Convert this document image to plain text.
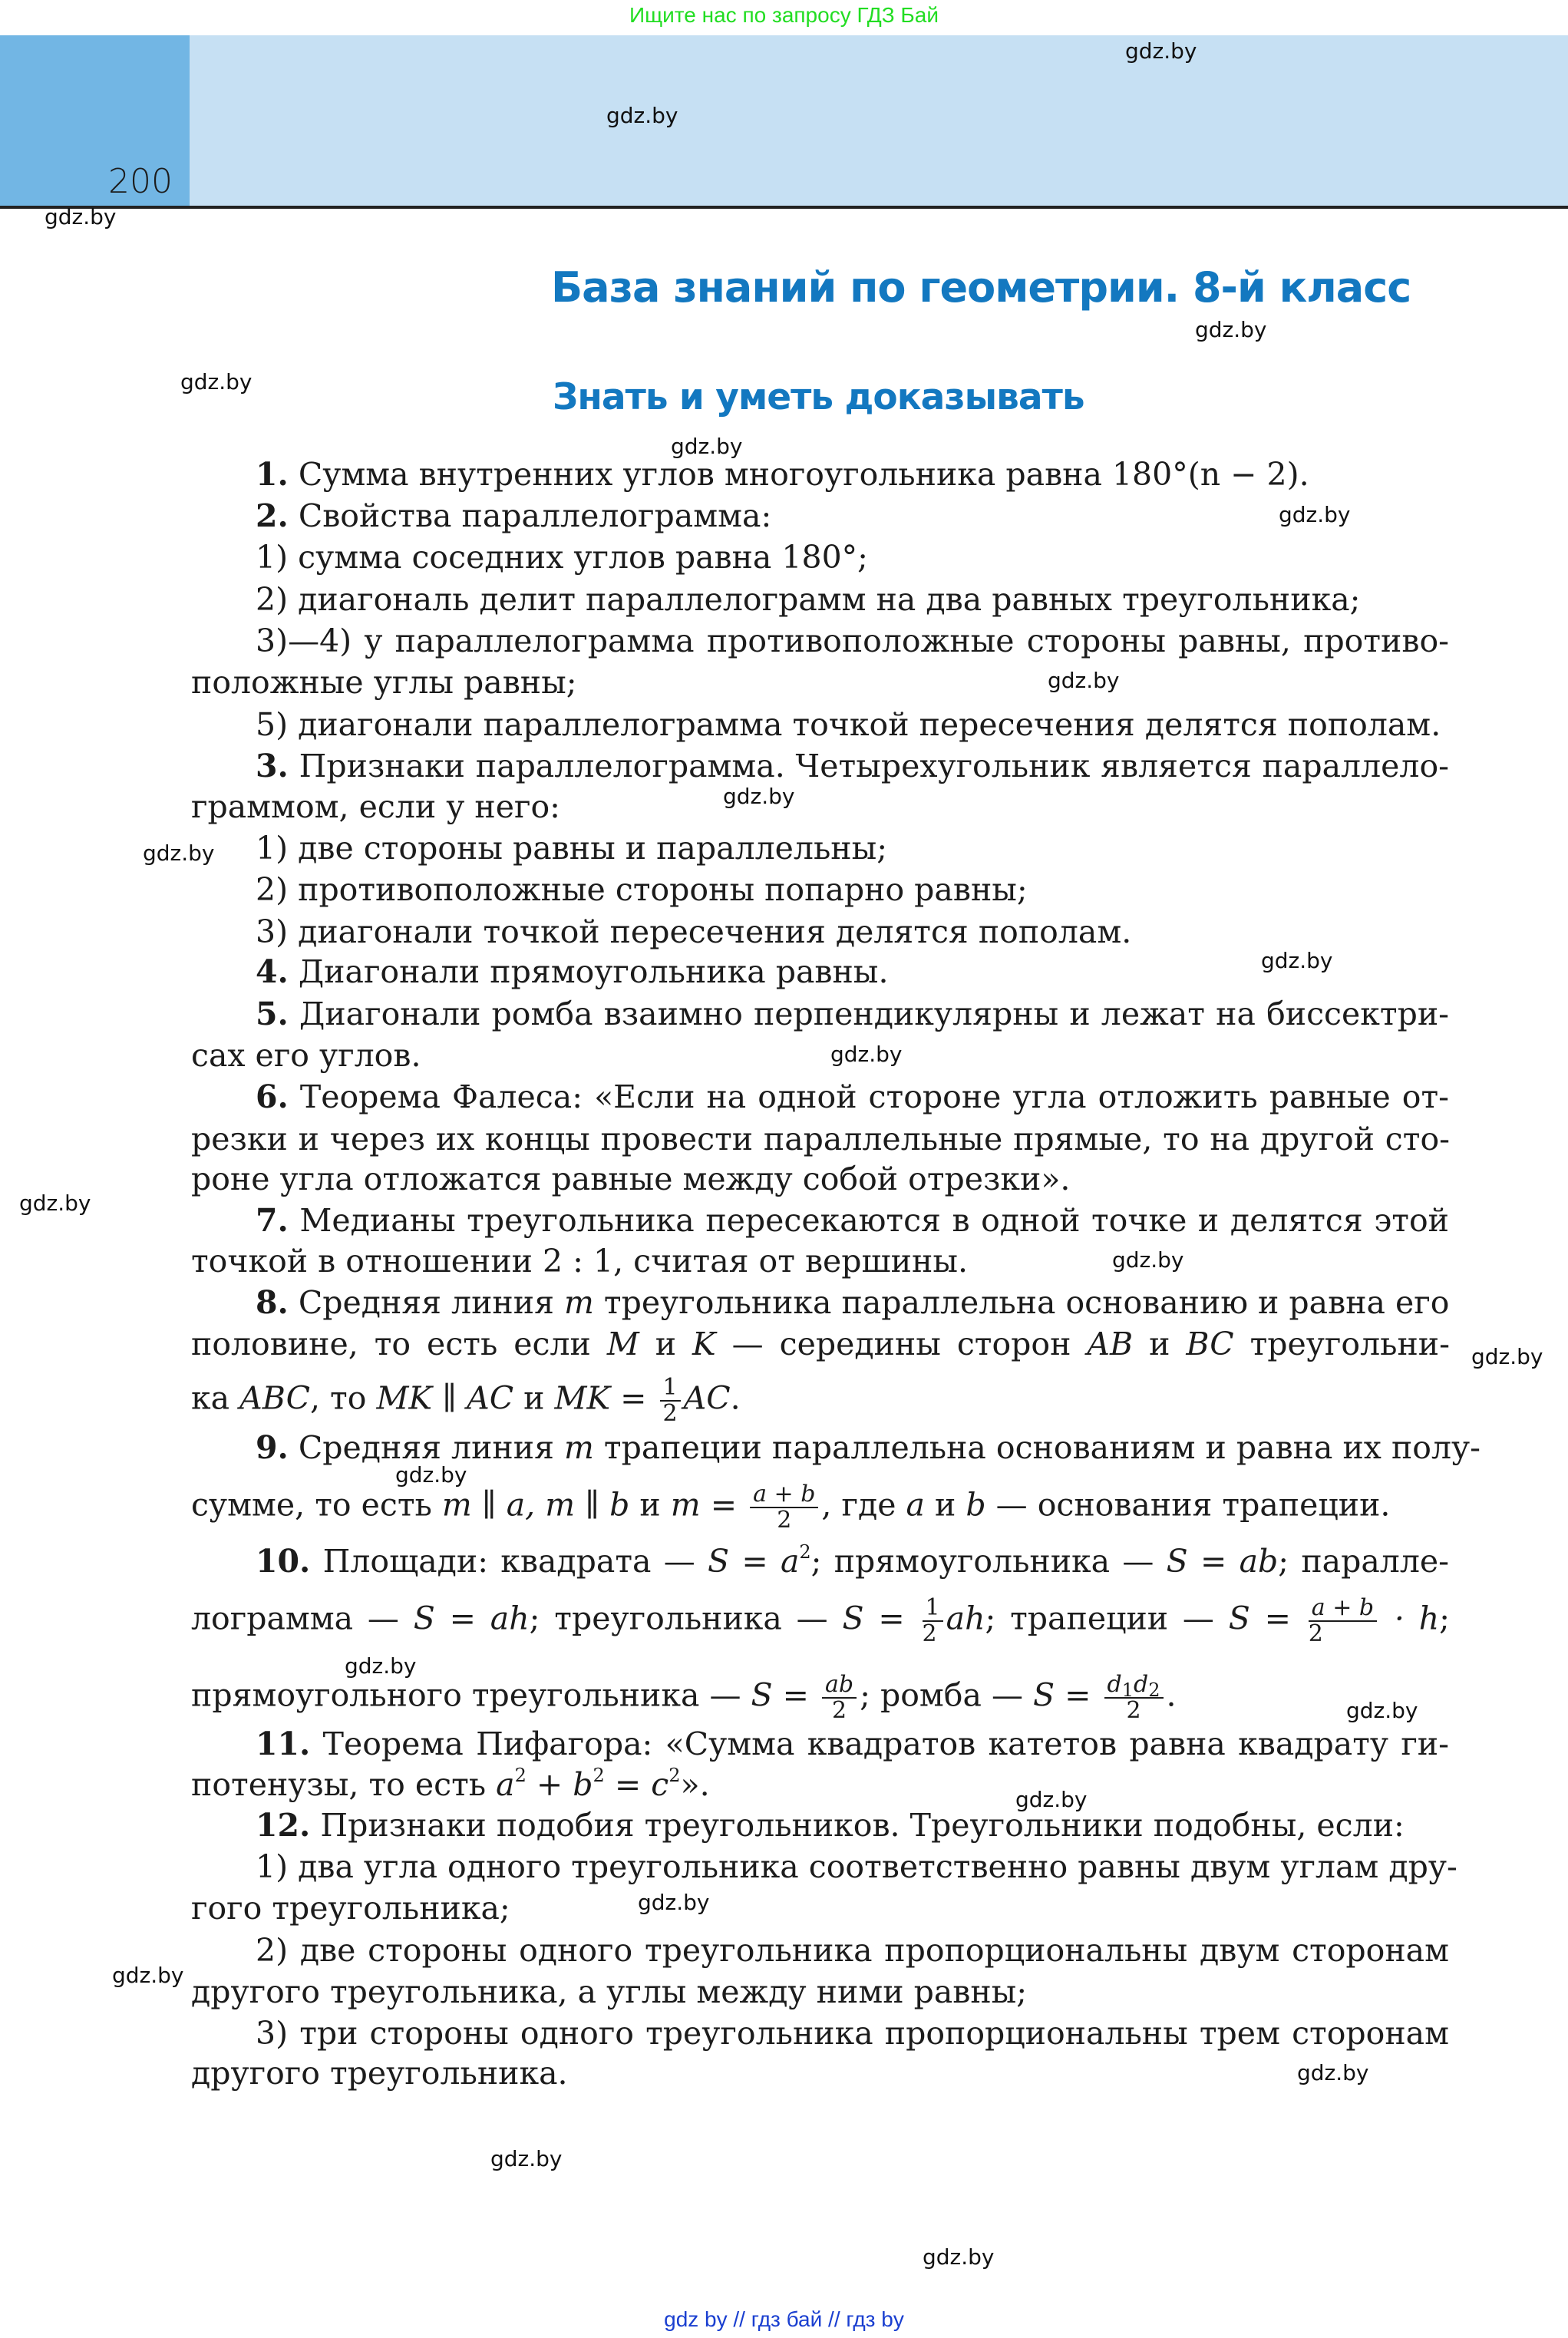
Ищите нас по запросу ГДЗ Бай
200
База знаний по геометрии. 8-й класс
Знать и уметь доказывать
1. Сумма внутренних углов многоугольника равна 180°(n − 2).
2. Свойства параллелограмма:
1) сумма соседних углов равна 180°;
2) диагональ делит параллелограмм на два равных треугольника;
3)—4) у параллелограмма противоположные стороны равны, противо-
положные углы равны;
5) диагонали параллелограмма точкой пересечения делятся пополам.
3. Признаки параллелограмма. Четырехугольник является параллело-
граммом, если у него:
1) две стороны равны и параллельны;
2) противоположные стороны попарно равны;
3) диагонали точкой пересечения делятся пополам.
4. Диагонали прямоугольника равны.
5. Диагонали ромба взаимно перпендикулярны и лежат на биссектри-
сах его углов.
6. Теорема Фалеса: «Если на одной стороне угла отложить равные от-
резки и через их концы провести параллельные прямые, то на другой сто-
роне угла отложатся равные между собой отрезки».
7. Медианы треугольника пересекаются в одной точке и делятся этой
точкой в отношении 2 : 1, считая от вершины.
11. Теорема Пифагора: «Сумма квадратов катетов равна квадрату ги-
12. Признаки подобия треугольников. Треугольники подобны, если:
1) два угла одного треугольника соответственно равны двум углам дру-
гого треугольника;
2) две стороны одного треугольника пропорциональны двум сторонам
другого треугольника, а углы между ними равны;
3) три стороны одного треугольника пропорциональны трем сторонам
другого треугольника.
8. Средняя линия m треугольника параллельна основанию и равна его
половине, то есть если M и K — середины сторон AB и BC треугольни-
ка ABC, то MK ∥ AC и MK = $\frac{1}{2}$ AC.
9. Средняя линия m трапеции параллельна основаниям и равна их полу-
сумме, то есть m ∥ a, m ∥ b и $m = \frac{a + b}{2}$ , где a и b — основания трапеции.
10. Площади: квадрата — $S = a^2$; прямоугольника — S = ab; паралле-
лограмма — S = ah; треугольника — $S = \frac{1}{2}$ ah; трапеции — $S = \frac{a + b}{2} \cdot h$;
прямоугольного треугольника — $S = \frac{ab}{2}$ ; ромба — $S = \frac{d_1d_2}{2}$ .
потенузы, то есть $a^2 + b^2 = c^2$».
gdz.by
gdz.by
gdz.by
gdz.by
gdz.by
gdz.by
gdz.by
gdz.by
gdz.by
gdz.by
gdz.by
gdz.by
gdz.by
gdz.by
gdz.by
gdz.by
gdz.by
gdz.by
gdz.by
gdz.by
gdz.by
gdz.by
gdz.by
gdz.by
gdz by // гдз бай // гдз by
